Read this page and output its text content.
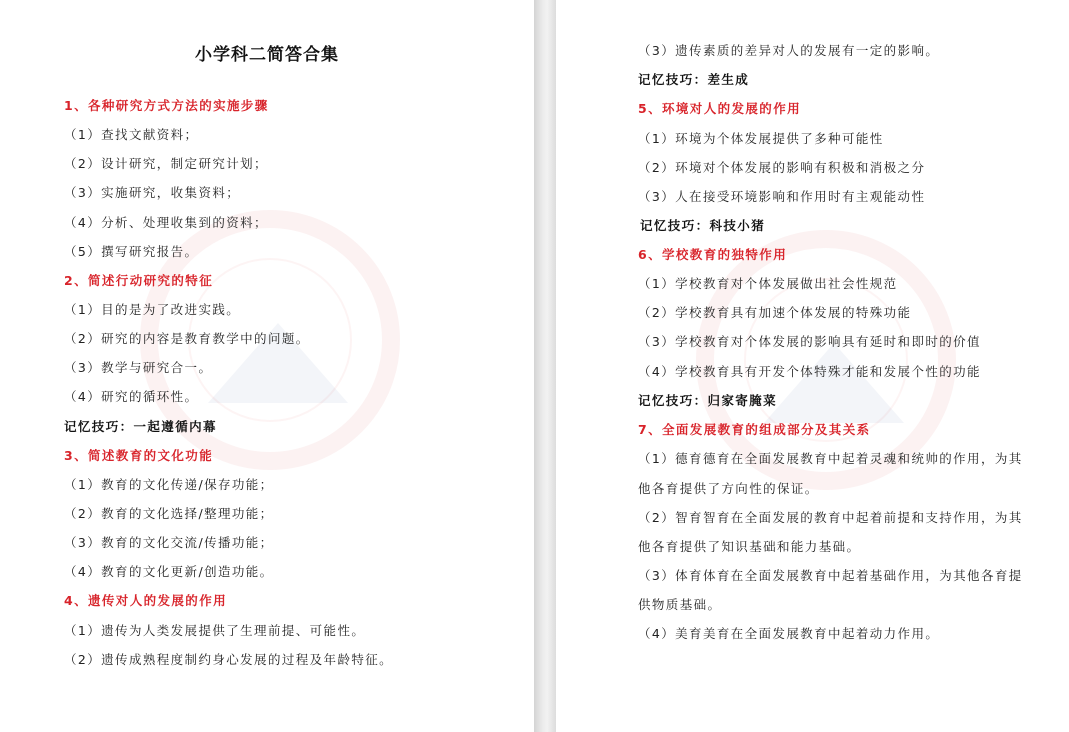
小学科二简答合集
1、各种研究方式方法的实施步骤
（1）查找文献资料；
（2）设计研究，制定研究计划；
（3）实施研究，收集资料；
（4）分析、处理收集到的资料；
（5）撰写研究报告。
2、简述行动研究的特征
（1）目的是为了改进实践。
（2）研究的内容是教育教学中的问题。
（3）教学与研究合一。
（4）研究的循环性。
记忆技巧：一起遵循内幕
3、简述教育的文化功能
（1）教育的文化传递/保存功能；
（2）教育的文化选择/整理功能；
（3）教育的文化交流/传播功能；
（4）教育的文化更新/创造功能。
4、遗传对人的发展的作用
（1）遗传为人类发展提供了生理前提、可能性。
（2）遗传成熟程度制约身心发展的过程及年龄特征。
（3）遗传素质的差异对人的发展有一定的影响。
记忆技巧：差生成
5、环境对人的发展的作用
（1）环境为个体发展提供了多种可能性
（2）环境对个体发展的影响有积极和消极之分
（3）人在接受环境影响和作用时有主观能动性
记忆技巧：科技小猪
6、学校教育的独特作用
（1）学校教育对个体发展做出社会性规范
（2）学校教育具有加速个体发展的特殊功能
（3）学校教育对个体发展的影响具有延时和即时的价值
（4）学校教育具有开发个体特殊才能和发展个性的功能
记忆技巧：归家寄腌菜
7、全面发展教育的组成部分及其关系
（1）德育德育在全面发展教育中起着灵魂和统帅的作用，为其
他各育提供了方向性的保证。
（2）智育智育在全面发展的教育中起着前提和支持作用，为其
他各育提供了知识基础和能力基础。
（3）体育体育在全面发展教育中起着基础作用，为其他各育提
供物质基础。
（4）美育美育在全面发展教育中起着动力作用。
